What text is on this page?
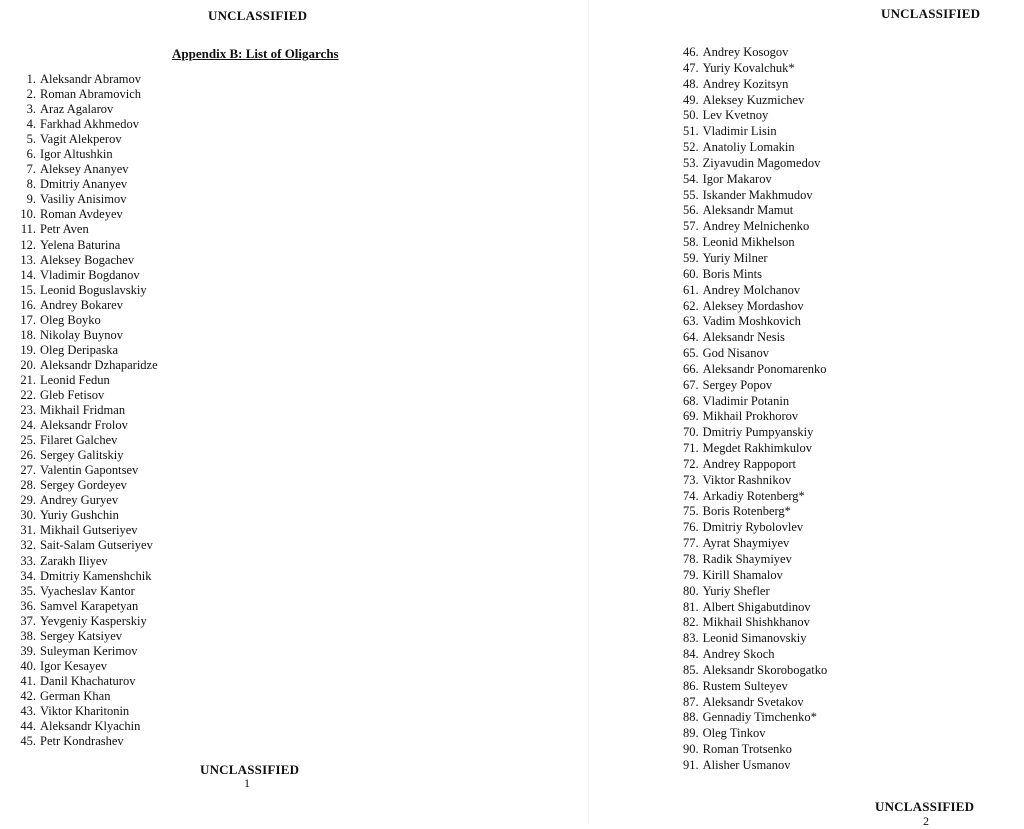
UNCLASSIFIED
Appendix B: List of Oligarchs
1. Aleksandr Abramov
2. Roman Abramovich
3. Araz Agalarov
4. Farkhad Akhmedov
5. Vagit Alekperov
6. Igor Altushkin
7. Aleksey Ananyev
8. Dmitriy Ananyev
9. Vasiliy Anisimov
10. Roman Avdeyev
11. Petr Aven
12. Yelena Baturina
13. Aleksey Bogachev
14. Vladimir Bogdanov
15. Leonid Boguslavskiy
16. Andrey Bokarev
17. Oleg Boyko
18. Nikolay Buynov
19. Oleg Deripaska
20. Aleksandr Dzhaparidze
21. Leonid Fedun
22. Gleb Fetisov
23. Mikhail Fridman
24. Aleksandr Frolov
25. Filaret Galchev
26. Sergey Galitskiy
27. Valentin Gapontsev
28. Sergey Gordeyev
29. Andrey Guryev
30. Yuriy Gushchin
31. Mikhail Gutseriyev
32. Sait-Salam Gutseriyev
33. Zarakh Iliyev
34. Dmitriy Kamenshchik
35. Vyacheslav Kantor
36. Samvel Karapetyan
37. Yevgeniy Kasperskiy
38. Sergey Katsiyev
39. Suleyman Kerimov
40. Igor Kesayev
41. Danil Khachaturov
42. German Khan
43. Viktor Kharitonin
44. Aleksandr Klyachin
45. Petr Kondrashev
UNCLASSIFIED
1
UNCLASSIFIED
46. Andrey Kosogov
47. Yuriy Kovalchuk*
48. Andrey Kozitsyn
49. Aleksey Kuzmichev
50. Lev Kvetnoy
51. Vladimir Lisin
52. Anatoliy Lomakin
53. Ziyavudin Magomedov
54. Igor Makarov
55. Iskander Makhmudov
56. Aleksandr Mamut
57. Andrey Melnichenko
58. Leonid Mikhelson
59. Yuriy Milner
60. Boris Mints
61. Andrey Molchanov
62. Aleksey Mordashov
63. Vadim Moshkovich
64. Aleksandr Nesis
65. God Nisanov
66. Aleksandr Ponomarenko
67. Sergey Popov
68. Vladimir Potanin
69. Mikhail Prokhorov
70. Dmitriy Pumpyanskiy
71. Megdet Rakhimkulov
72. Andrey Rappoport
73. Viktor Rashnikov
74. Arkadiy Rotenberg*
75. Boris Rotenberg*
76. Dmitriy Rybolovlev
77. Ayrat Shaymiyev
78. Radik Shaymiyev
79. Kirill Shamalov
80. Yuriy Shefler
81. Albert Shigabutdinov
82. Mikhail Shishkhanov
83. Leonid Simanovskiy
84. Andrey Skoch
85. Aleksandr Skorobogatko
86. Rustem Sulteyev
87. Aleksandr Svetakov
88. Gennadiy Timchenko*
89. Oleg Tinkov
90. Roman Trotsenko
91. Alisher Usmanov
UNCLASSIFIED
2
